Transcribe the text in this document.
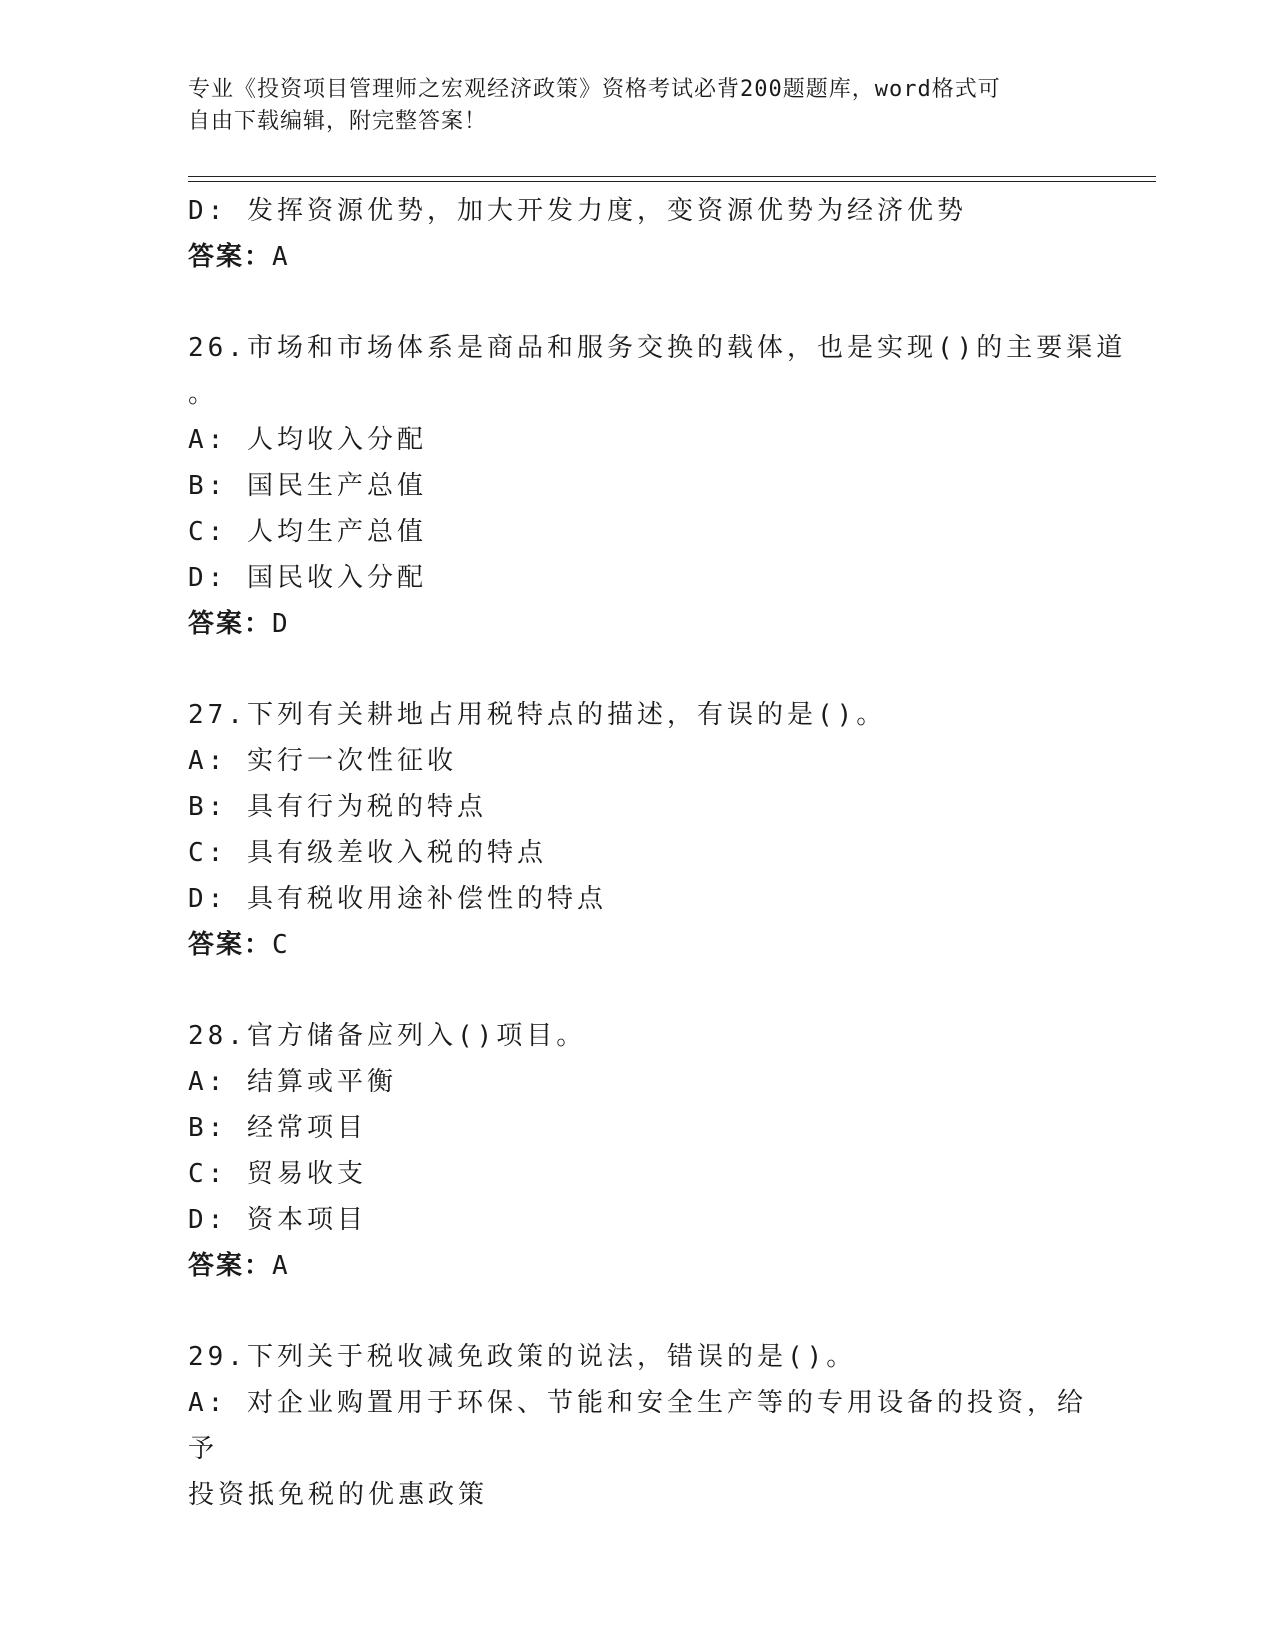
专业《投资项目管理师之宏观经济政策》资格考试必背200题题库，word格式可
自由下载编辑，附完整答案！
D: 发挥资源优势，加大开发力度，变资源优势为经济优势
答案：A
26.市场和市场体系是商品和服务交换的载体，也是实现()的主要渠道
。
A: 人均收入分配
B: 国民生产总值
C: 人均生产总值
D: 国民收入分配
答案：D
27.下列有关耕地占用税特点的描述，有误的是()。
A: 实行一次性征收
B: 具有行为税的特点
C: 具有级差收入税的特点
D: 具有税收用途补偿性的特点
答案：C
28.官方储备应列入()项目。
A: 结算或平衡
B: 经常项目
C: 贸易收支
D: 资本项目
答案：A
29.下列关于税收减免政策的说法，错误的是()。
A: 对企业购置用于环保、节能和安全生产等的专用设备的投资，给予
投资抵免税的优惠政策
